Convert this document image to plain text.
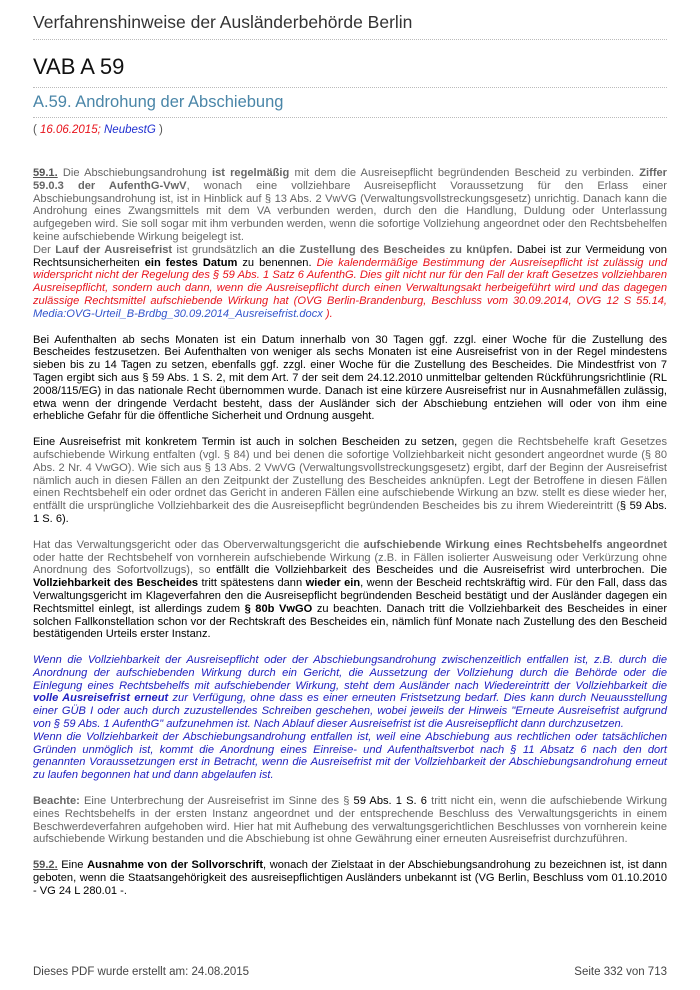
Verfahrenshinweise der Ausländerbehörde Berlin
VAB A 59
A.59. Androhung der Abschiebung
( 16.06.2015; NeubestG )

59.1. Die Abschiebungsandrohung ist regelmäßig mit dem die Ausreisepflicht begründenden Bescheid zu verbinden. Ziffer 59.0.3 der AufenthG-VwV, wonach eine vollziehbare Ausreisepflicht Voraussetzung für den Erlass einer Abschiebungsandrohung ist, ist in Hinblick auf § 13 Abs. 2 VwVG (Verwaltungsvollstreckungsgesetz) unrichtig. Danach kann die Androhung eines Zwangsmittels mit dem VA verbunden werden, durch den die Handlung, Duldung oder Unterlassung aufgegeben wird. Sie soll sogar mit ihm verbunden werden, wenn die sofortige Vollziehung angeordnet oder den Rechtsbehelfen keine aufschiebende Wirkung beigelegt ist.

Der Lauf der Ausreisefrist ist grundsätzlich an die Zustellung des Bescheides zu knüpfen. Dabei ist zur Vermeidung von Rechtsunsicherheiten ein festes Datum zu benennen. Die kalendermäßige Bestimmung der Ausreisepflicht ist zulässig und widerspricht nicht der Regelung des § 59 Abs. 1 Satz 6 AufenthG. Dies gilt nicht nur für den Fall der kraft Gesetzes vollziehbaren Ausreisepflicht, sondern auch dann, wenn die Ausreisepflicht durch einen Verwaltungsakt herbeigeführt wird und das dagegen zulässige Rechtsmittel aufschiebende Wirkung hat (OVG Berlin-Brandenburg, Beschluss vom 30.09.2014, OVG 12 S 55.14, Media:OVG-Urteil_B-Brdbg_30.09.2014_Ausreisefrist.docx ).

Bei Aufenthalten ab sechs Monaten ist ein Datum innerhalb von 30 Tagen ggf. zzgl. einer Woche für die Zustellung des Bescheides festzusetzen. Bei Aufenthalten von weniger als sechs Monaten ist eine Ausreisefrist von in der Regel mindestens sieben bis zu 14 Tagen zu setzen, ebenfalls ggf. zzgl. einer Woche für die Zustellung des Bescheides. Die Mindestfrist von 7 Tagen ergibt sich aus § 59 Abs. 1 S. 2, mit dem Art. 7 der seit dem 24.12.2010 unmittelbar geltenden Rückführungsrichtlinie (RL 2008/115/EG) in das nationale Recht übernommen wurde. Danach ist eine kürzere Ausreisefrist nur in Ausnahmefällen zulässig, etwa wenn der dringende Verdacht besteht, dass der Ausländer sich der Abschiebung entziehen will oder von ihm eine erhebliche Gefahr für die öffentliche Sicherheit und Ordnung ausgeht.

Eine Ausreisefrist mit konkretem Termin ist auch in solchen Bescheiden zu setzen, gegen die Rechtsbehelfe kraft Gesetzes aufschiebende Wirkung entfalten (vgl. § 84) und bei denen die sofortige Vollziehbarkeit nicht gesondert angeordnet wurde (§ 80 Abs. 2 Nr. 4 VwGO). Wie sich aus § 13 Abs. 2 VwVG (Verwaltungsvollstreckungsgesetz) ergibt, darf der Beginn der Ausreisefrist nämlich auch in diesen Fällen an den Zeitpunkt der Zustellung des Bescheides anknüpfen. Legt der Betroffene in diesen Fällen einen Rechtsbehelf ein oder ordnet das Gericht in anderen Fällen eine aufschiebende Wirkung an bzw. stellt es diese wieder her, entfällt die ursprüngliche Vollziehbarkeit des die Ausreisepflicht begründenden Bescheides bis zu ihrem Wiedereintritt (§ 59 Abs. 1 S. 6).

Hat das Verwaltungsgericht oder das Oberverwaltungsgericht die aufschiebende Wirkung eines Rechtsbehelfs angeordnet oder hatte der Rechtsbehelf von vornherein aufschiebende Wirkung (z.B. in Fällen isolierter Ausweisung oder Verkürzung ohne Anordnung des Sofortvollzugs), so entfällt die Vollziehbarkeit des Bescheides und die Ausreisefrist wird unterbrochen. Die Vollziehbarkeit des Bescheides tritt spätestens dann wieder ein, wenn der Bescheid rechtskräftig wird. Für den Fall, dass das Verwaltungsgericht im Klageverfahren den die Ausreisepflicht begründenden Bescheid bestätigt und der Ausländer dagegen ein Rechtsmittel einlegt, ist allerdings zudem § 80b VwGO zu beachten. Danach tritt die Vollziehbarkeit des Bescheides in einer solchen Fallkonstellation schon vor der Rechtskraft des Bescheides ein, nämlich fünf Monate nach Zustellung des den Bescheid bestätigenden Urteils erster Instanz.

Wenn die Vollziehbarkeit der Ausreisepflicht oder der Abschiebungsandrohung zwischenzeitlich entfallen ist, z.B. durch die Anordnung der aufschiebenden Wirkung durch ein Gericht, die Aussetzung der Vollziehung durch die Behörde oder die Einlegung eines Rechtsbehelfs mit aufschiebender Wirkung, steht dem Ausländer nach Wiedereintritt der Vollziehbarkeit die volle Ausreisefrist erneut zur Verfügung, ohne dass es einer erneuten Fristsetzung bedarf. Dies kann durch Neuausstellung einer GÜB I oder auch durch zuzustellendes Schreiben geschehen, wobei jeweils der Hinweis "Erneute Ausreisefrist aufgrund von § 59 Abs. 1 AufenthG" aufzunehmen ist. Nach Ablauf dieser Ausreisefrist ist die Ausreisepflicht dann durchzusetzen.

Wenn die Vollziehbarkeit der Abschiebungsandrohung entfallen ist, weil eine Abschiebung aus rechtlichen oder tatsächlichen Gründen unmöglich ist, kommt die Anordnung eines Einreise- und Aufenthaltsverbot nach § 11 Absatz 6 nach den dort genannten Voraussetzungen erst in Betracht, wenn die Ausreisefrist mit der Vollziehbarkeit der Abschiebungsandrohung erneut zu laufen begonnen hat und dann abgelaufen ist.

Beachte: Eine Unterbrechung der Ausreisefrist im Sinne des § 59 Abs. 1 S. 6 tritt nicht ein, wenn die aufschiebende Wirkung eines Rechtsbehelfs in der ersten Instanz angeordnet und der entsprechende Beschluss des Verwaltungsgerichts in einem Beschwerdeverfahren aufgehoben wird. Hier hat mit Aufhebung des verwaltungsgerichtlichen Beschlusses von vornherein keine aufschiebende Wirkung bestanden und die Abschiebung ist ohne Gewährung einer erneuten Ausreisefrist durchzuführen.

59.2. Eine Ausnahme von der Sollvorschrift, wonach der Zielstaat in der Abschiebungsandrohung zu bezeichnen ist, ist dann geboten, wenn die Staatsangehörigkeit des ausreisepflichtigen Ausländers unbekannt ist (VG Berlin, Beschluss vom 01.10.2010 - VG 24 L 280.01 -.

Dieses PDF wurde erstellt am: 24.08.2015	Seite 332 von 713
